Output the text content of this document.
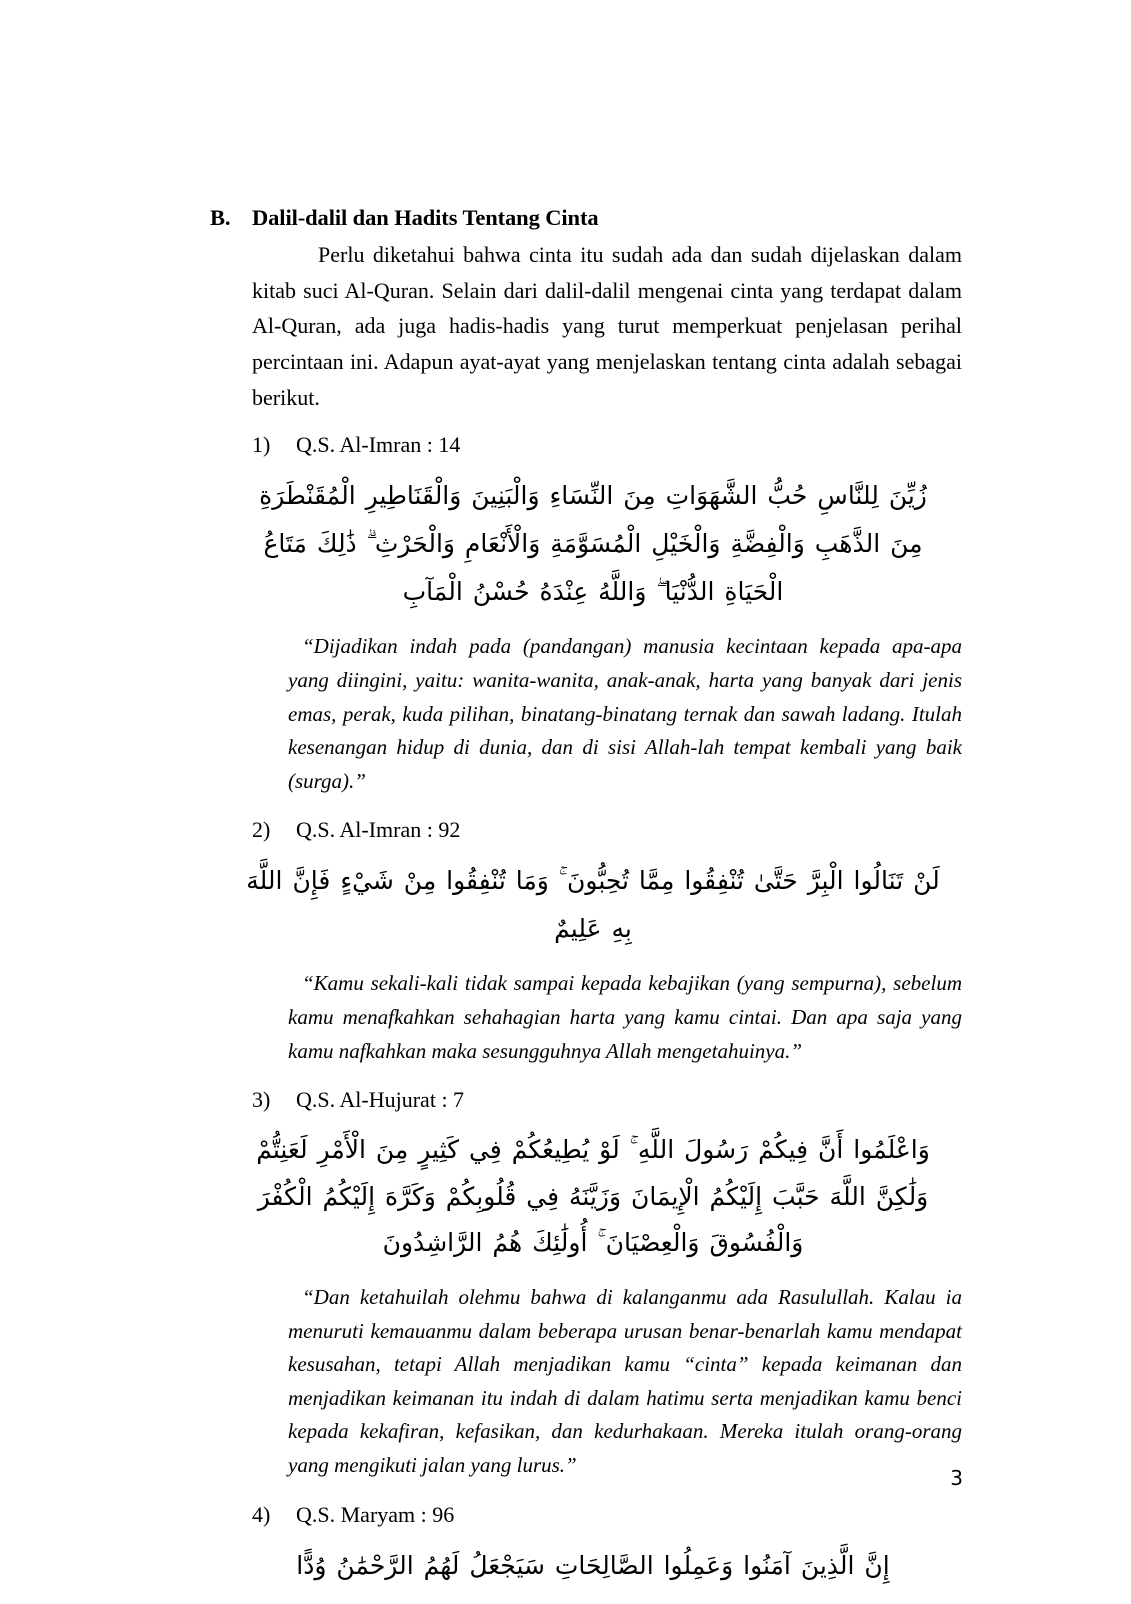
B. Dalil-dalil dan Hadits Tentang Cinta

Perlu diketahui bahwa cinta itu sudah ada dan sudah dijelaskan dalam kitab suci Al-Quran. Selain dari dalil-dalil mengenai cinta yang terdapat dalam Al-Quran, ada juga hadis-hadis yang turut memperkuat penjelasan perihal percintaan ini. Adapun ayat-ayat yang menjelaskan tentang cinta adalah sebagai berikut.

1)	Q.S. Al-Imran : 14
زُيِّنَ لِلنَّاسِ حُبُّ الشَّهَوَاتِ مِنَ النِّسَاءِ وَالْبَنِينَ وَالْقَنَاطِيرِ الْمُقَنْطَرَةِ مِنَ الذَّهَبِ وَالْفِضَّةِ وَالْخَيْلِ الْمُسَوَّمَةِ وَالْأَنْعَامِ وَالْحَرْثِ ۗ ذَٰلِكَ مَتَاعُ الْحَيَاةِ الدُّنْيَا ۖ وَاللَّهُ عِنْدَهُ حُسْنُ الْمَآبِ

“Dijadikan indah pada (pandangan) manusia kecintaan kepada apa-apa yang diingini, yaitu: wanita-wanita, anak-anak, harta yang banyak dari jenis emas, perak, kuda pilihan, binatang-binatang ternak dan sawah ladang. Itulah kesenangan hidup di dunia, dan di sisi Allah-lah tempat kembali yang baik (surga).”

2)	Q.S. Al-Imran : 92
لَنْ تَنَالُوا الْبِرَّ حَتَّىٰ تُنْفِقُوا مِمَّا تُحِبُّونَ ۚ وَمَا تُنْفِقُوا مِنْ شَيْءٍ فَإِنَّ اللَّهَ بِهِ عَلِيمٌ

“Kamu sekali-kali tidak sampai kepada kebajikan (yang sempurna), sebelum kamu menafkahkan sehahagian harta yang kamu cintai. Dan apa saja yang kamu nafkahkan maka sesungguhnya Allah mengetahuinya.”

3)	Q.S. Al-Hujurat : 7
وَاعْلَمُوا أَنَّ فِيكُمْ رَسُولَ اللَّهِ ۚ لَوْ يُطِيعُكُمْ فِي كَثِيرٍ مِنَ الْأَمْرِ لَعَنِتُّمْ وَلَٰكِنَّ اللَّهَ حَبَّبَ إِلَيْكُمُ الْإِيمَانَ وَزَيَّنَهُ فِي قُلُوبِكُمْ وَكَرَّهَ إِلَيْكُمُ الْكُفْرَ وَالْفُسُوقَ وَالْعِصْيَانَ ۚ أُولَٰئِكَ هُمُ الرَّاشِدُونَ

“Dan ketahuilah olehmu bahwa di kalanganmu ada Rasulullah. Kalau ia menuruti kemauanmu dalam beberapa urusan benar-benarlah kamu mendapat kesusahan, tetapi Allah menjadikan kamu “cinta” kepada keimanan dan menjadikan keimanan itu indah di dalam hatimu serta menjadikan kamu benci kepada kekafiran, kefasikan, dan kedurhakaan. Mereka itulah orang-orang yang mengikuti jalan yang lurus.”

4)	Q.S. Maryam : 96
إِنَّ الَّذِينَ آمَنُوا وَعَمِلُوا الصَّالِحَاتِ سَيَجْعَلُ لَهُمُ الرَّحْمَٰنُ وُدًّا
3
